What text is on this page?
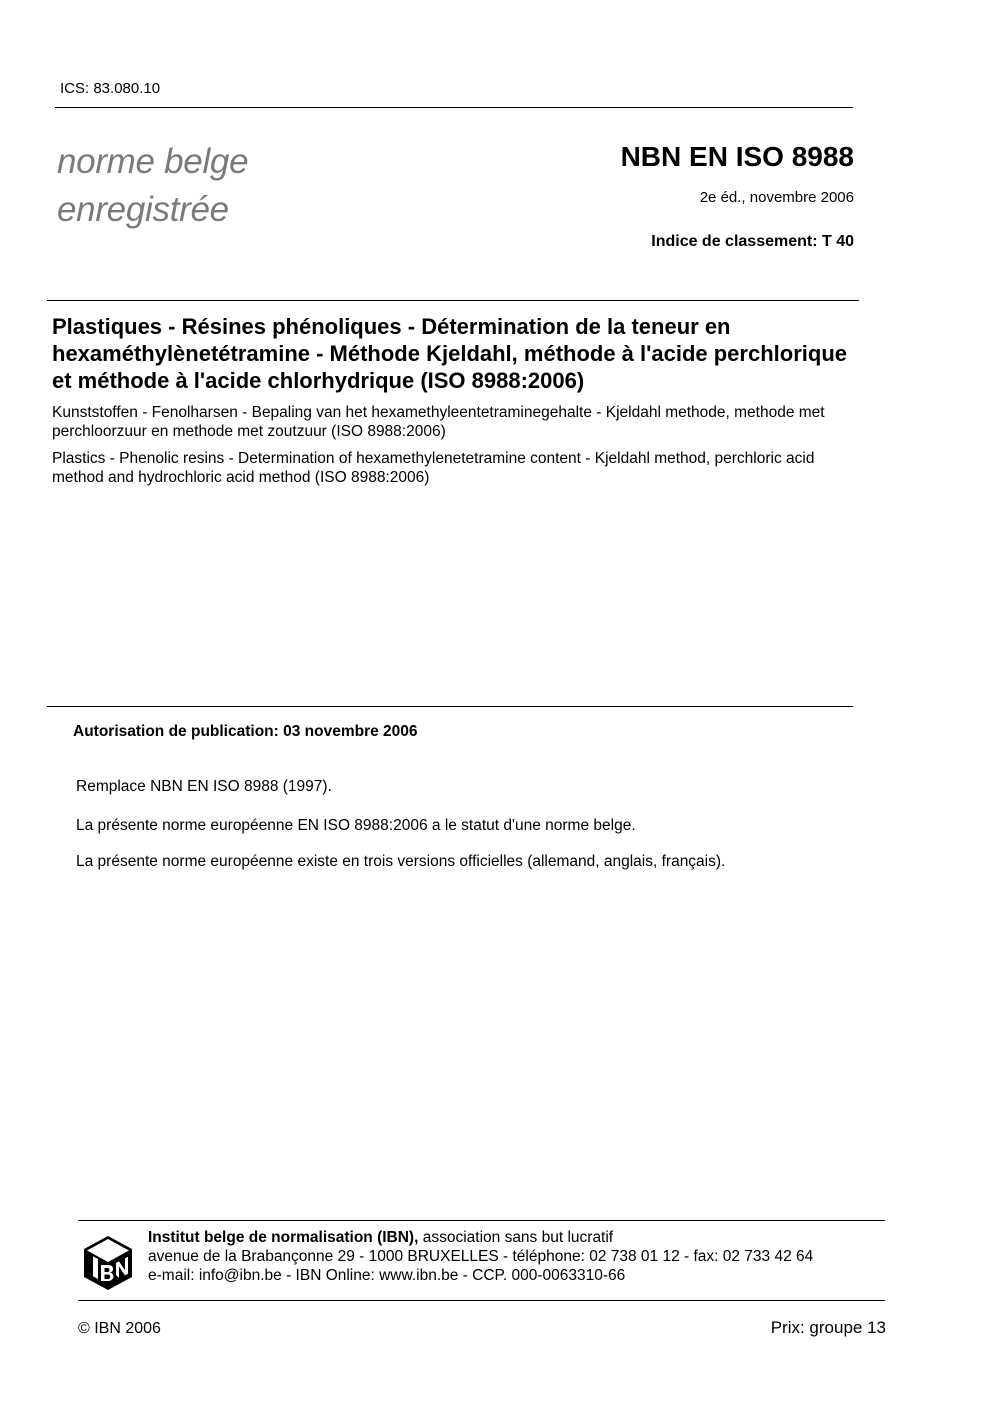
ICS: 83.080.10
norme belge
enregistrée
NBN EN ISO 8988
2e éd., novembre 2006
Indice de classement: T 40
Plastiques - Résines phénoliques - Détermination de la teneur en hexaméthylènetétramine - Méthode Kjeldahl, méthode à l'acide perchlorique et méthode à l'acide chlorhydrique (ISO 8988:2006)
Kunststoffen - Fenolharsen - Bepaling van het hexamethyleentetraminegehalte - Kjeldahl methode, methode met perchloorzuur en methode met zoutzuur (ISO 8988:2006)
Plastics - Phenolic resins - Determination of hexamethylenetetramine content - Kjeldahl method, perchloric acid method and hydrochloric acid method (ISO 8988:2006)
Autorisation de publication: 03 novembre 2006
Remplace NBN EN ISO 8988 (1997).
La présente norme européenne EN ISO 8988:2006 a le statut d'une norme belge.
La présente norme européenne existe en trois versions officielles (allemand, anglais, français).
Institut belge de normalisation (IBN), association sans but lucratif
avenue de la Brabançonne 29 - 1000 BRUXELLES - téléphone: 02 738 01 12 - fax: 02 733 42 64
e-mail: info@ibn.be - IBN Online: www.ibn.be - CCP. 000-0063310-66
© IBN 2006	Prix: groupe 13
